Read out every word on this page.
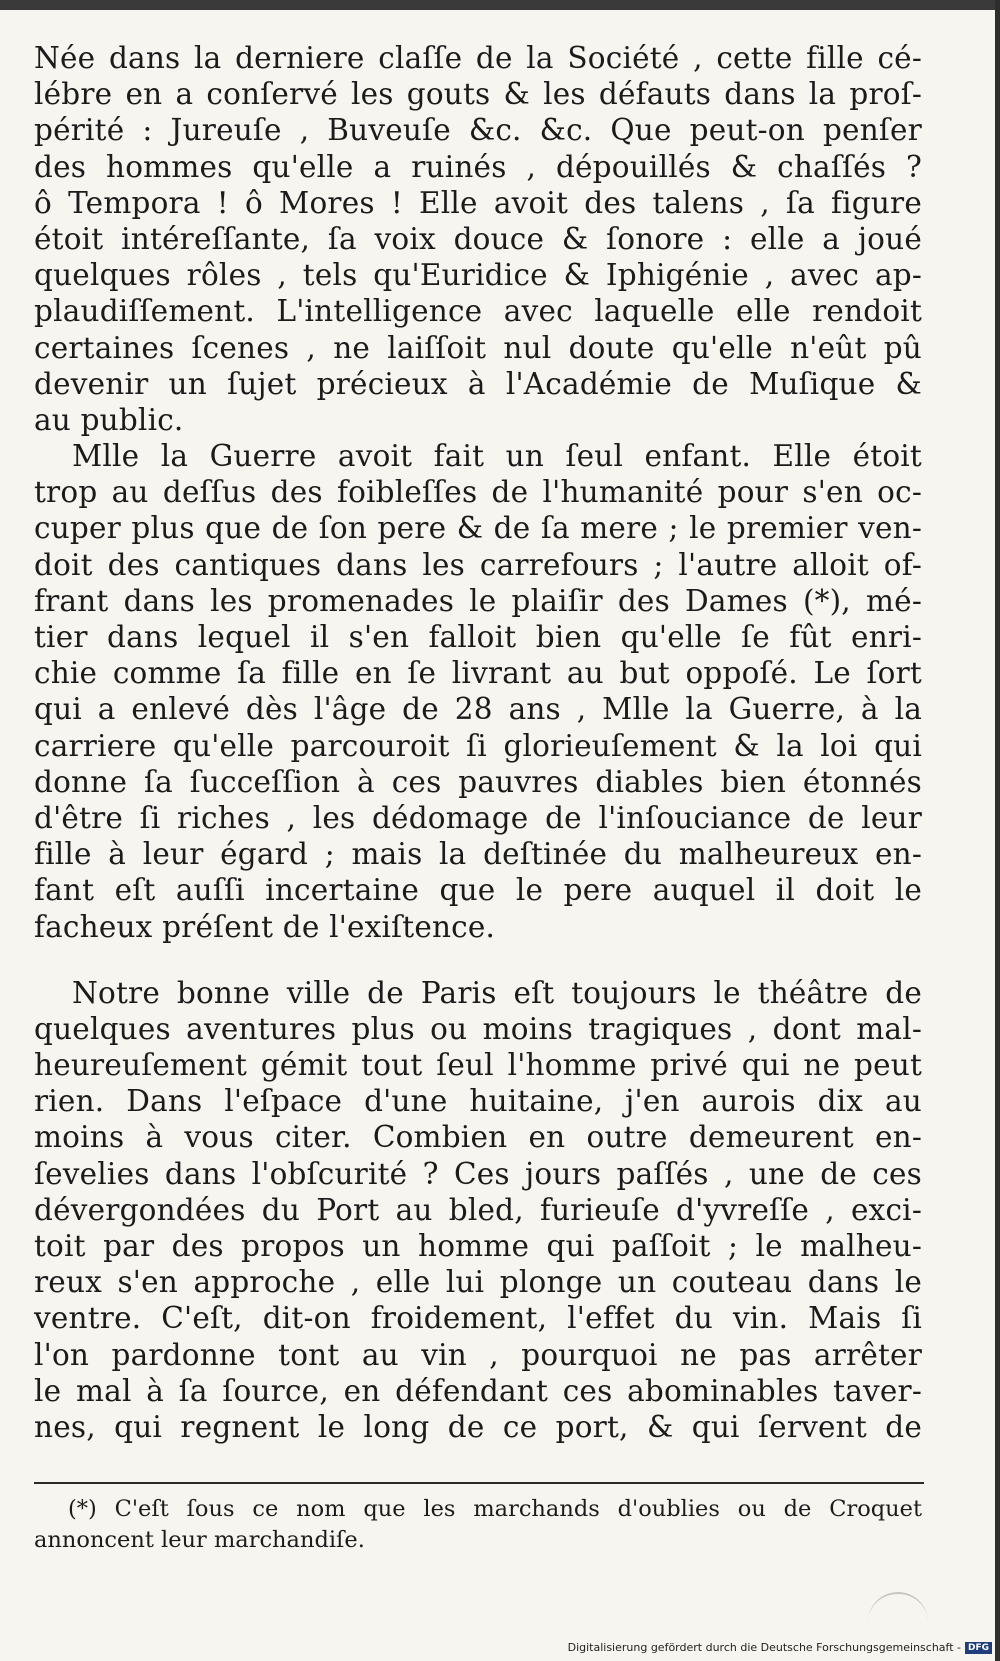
Née dans la derniere claſſe de la Société , cette fille cé-
lébre en a conſervé les gouts & les défauts dans la proſ-
périté : Jureuſe , Buveuſe &c. &c. Que peut-on penſer
des hommes qu'elle a ruinés , dépouillés & chaſſés ?
ô Tempora ! ô Mores ! Elle avoit des talens , ſa figure
étoit intéreſſante, ſa voix douce & ſonore : elle a joué
quelques rôles , tels qu'Euridice & Iphigénie , avec ap-
plaudiſſement. L'intelligence avec laquelle elle rendoit
certaines ſcenes , ne laiſſoit nul doute qu'elle n'eût pû
devenir un ſujet précieux à l'Académie de Muſique &
au public.
Mlle la Guerre avoit fait un ſeul enfant. Elle étoit
trop au deſſus des foibleſſes de l'humanité pour s'en oc-
cuper plus que de ſon pere & de ſa mere ; le premier ven-
doit des cantiques dans les carrefours ; l'autre alloit of-
frant dans les promenades le plaiſir des Dames (*), mé-
tier dans lequel il s'en falloit bien qu'elle ſe fût enri-
chie comme ſa fille en ſe livrant au but oppoſé. Le ſort
qui a enlevé dès l'âge de 28 ans , Mlle la Guerre, à la
carriere qu'elle parcouroit ſi glorieuſement & la loi qui
donne ſa ſucceſſion à ces pauvres diables bien étonnés
d'être ſi riches , les dédomage de l'inſouciance de leur
fille à leur égard ; mais la deſtinée du malheureux en-
fant eſt auſſi incertaine que le pere auquel il doit le
facheux préſent de l'exiſtence.
Notre bonne ville de Paris eſt toujours le théâtre de
quelques aventures plus ou moins tragiques , dont mal-
heureuſement gémit tout ſeul l'homme privé qui ne peut
rien. Dans l'eſpace d'une huitaine, j'en aurois dix au
moins à vous citer. Combien en outre demeurent en-
ſevelies dans l'obſcurité ? Ces jours paſſés , une de ces
dévergondées du Port au bled, furieuſe d'yvreſſe , exci-
toit par des propos un homme qui paſſoit ; le malheu-
reux s'en approche , elle lui plonge un couteau dans le
ventre. C'eſt, dit-on froidement, l'effet du vin. Mais ſi
l'on pardonne tont au vin , pourquoi ne pas arrêter
le mal à ſa ſource, en défendant ces abominables taver-
nes, qui regnent le long de ce port, & qui ſervent de
(*) C'eſt ſous ce nom que les marchands d'oublies ou de Croquet
annoncent leur marchandiſe.
Digitalisierung gefördert durch die Deutsche Forschungsgemeinschaft - DFG
